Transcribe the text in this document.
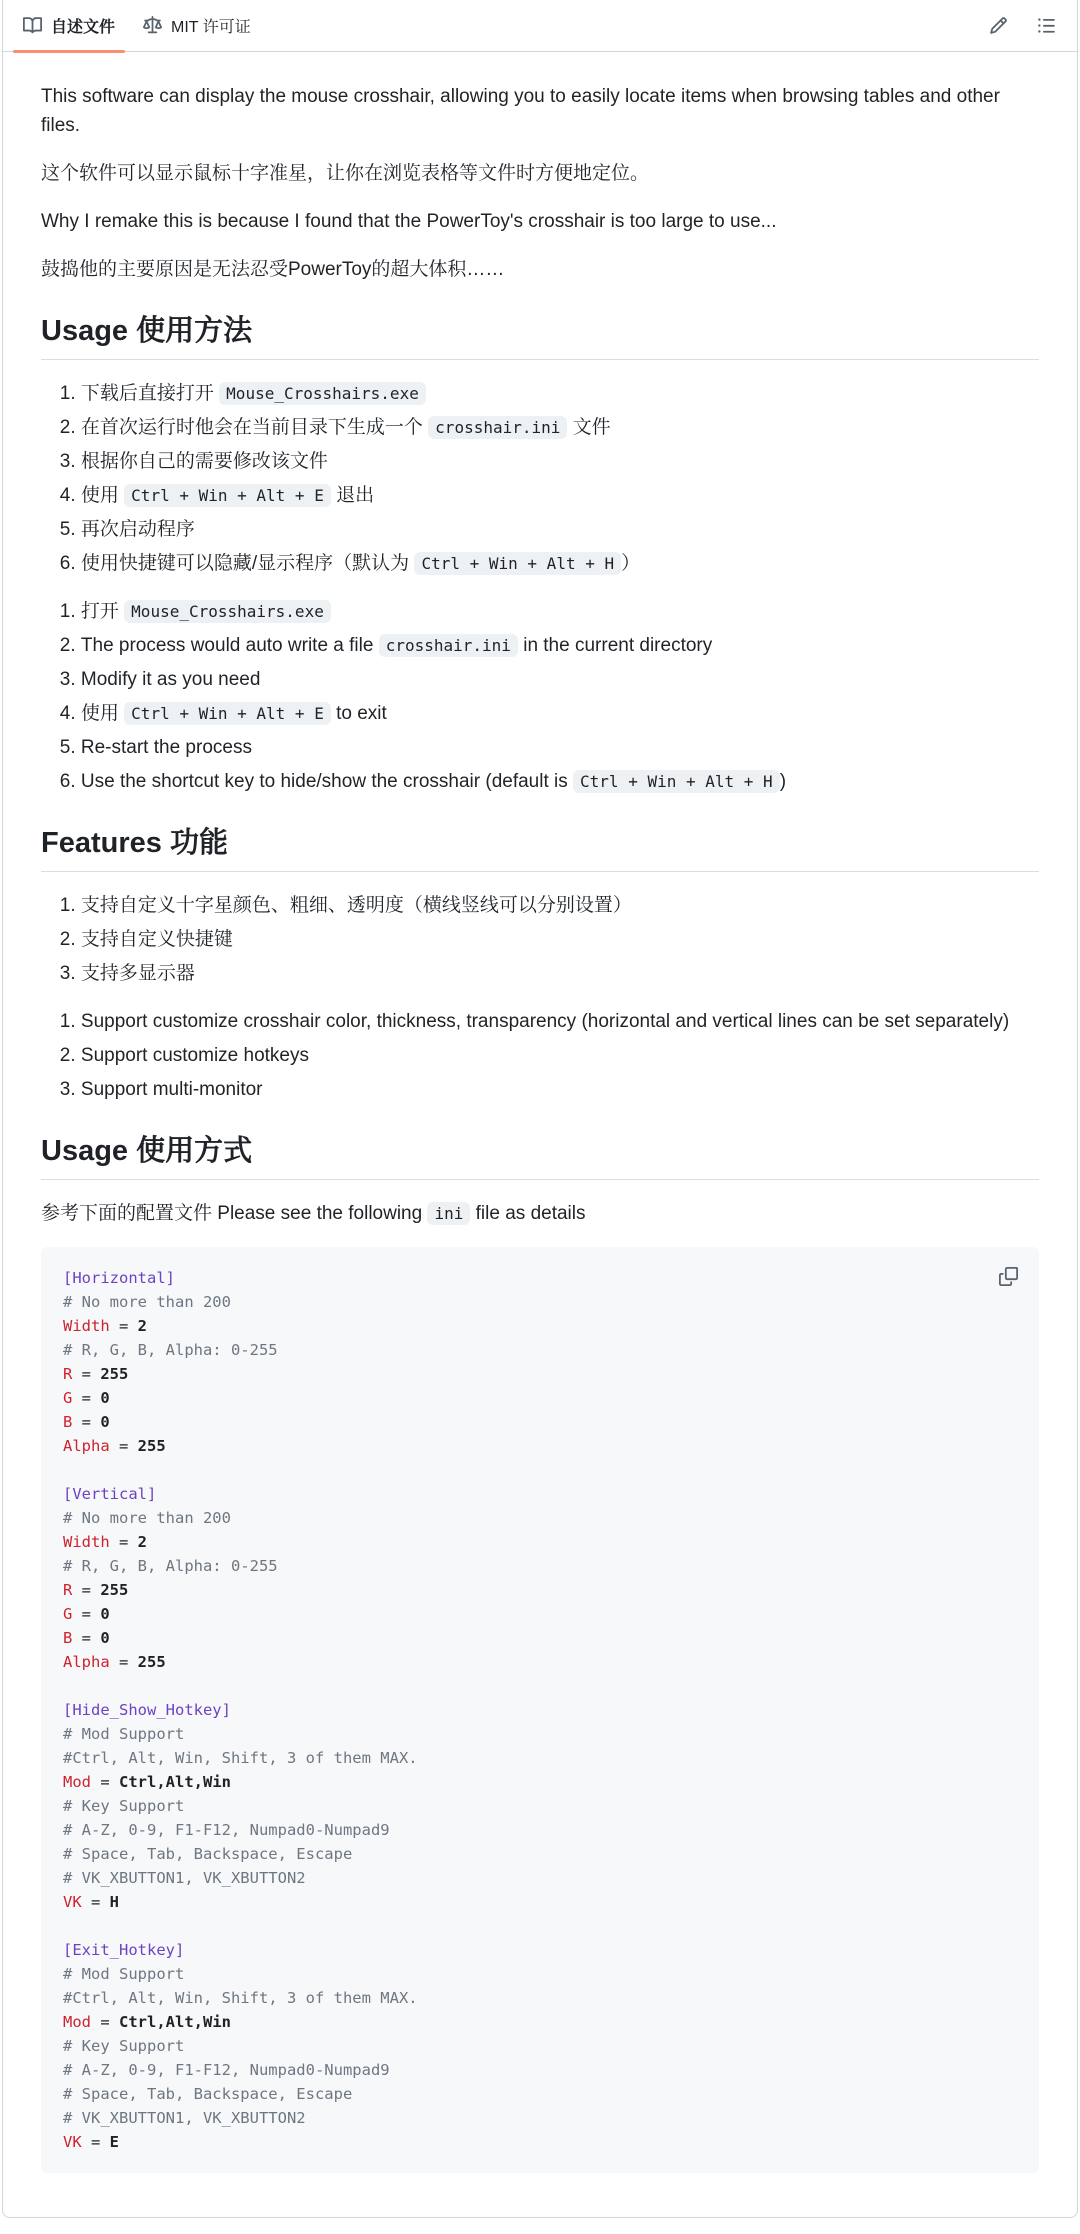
自述文件	MIT 许可证

This software can display the mouse crosshair, allowing you to easily locate items when browsing tables and other files.

这个软件可以显示鼠标十字准星，让你在浏览表格等文件时方便地定位。

Why I remake this is because I found that the PowerToy's crosshair is too large to use...

鼓捣他的主要原因是无法忍受PowerToy的超大体积……

Usage 使用方法
1. 下载后直接打开 Mouse_Crosshairs.exe
2. 在首次运行时他会在当前目录下生成一个 crosshair.ini 文件
3. 根据你自己的需要修改该文件
4. 使用 Ctrl + Win + Alt + E 退出
5. 再次启动程序
6. 使用快捷键可以隐藏/显示程序（默认为 Ctrl + Win + Alt + H ）
1. 打开 Mouse_Crosshairs.exe
2. The process would auto write a file crosshair.ini in the current directory
3. Modify it as you need
4. 使用 Ctrl + Win + Alt + E to exit
5. Re-start the process
6. Use the shortcut key to hide/show the crosshair (default is Ctrl + Win + Alt + H )
Features 功能
1. 支持自定义十字星颜色、粗细、透明度（横线竖线可以分别设置）
2. 支持自定义快捷键
3. 支持多显示器
1. Support customize crosshair color, thickness, transparency (horizontal and vertical lines can be set separately)
2. Support customize hotkeys
3. Support multi-monitor
Usage 使用方式

参考下面的配置文件 Please see the following ini file as details

[Horizontal]
# No more than 200
Width = 2
# R, G, B, Alpha: 0-255
R = 255
G = 0
B = 0
Alpha = 255

[Vertical]
# No more than 200
Width = 2
# R, G, B, Alpha: 0-255
R = 255
G = 0
B = 0
Alpha = 255

[Hide_Show_Hotkey]
# Mod Support
#Ctrl, Alt, Win, Shift, 3 of them MAX.
Mod = Ctrl,Alt,Win
# Key Support
# A-Z, 0-9, F1-F12, Numpad0-Numpad9
# Space, Tab, Backspace, Escape
# VK_XBUTTON1, VK_XBUTTON2
VK = H

[Exit_Hotkey]
# Mod Support
#Ctrl, Alt, Win, Shift, 3 of them MAX.
Mod = Ctrl,Alt,Win
# Key Support
# A-Z, 0-9, F1-F12, Numpad0-Numpad9
# Space, Tab, Backspace, Escape
# VK_XBUTTON1, VK_XBUTTON2
VK = E
